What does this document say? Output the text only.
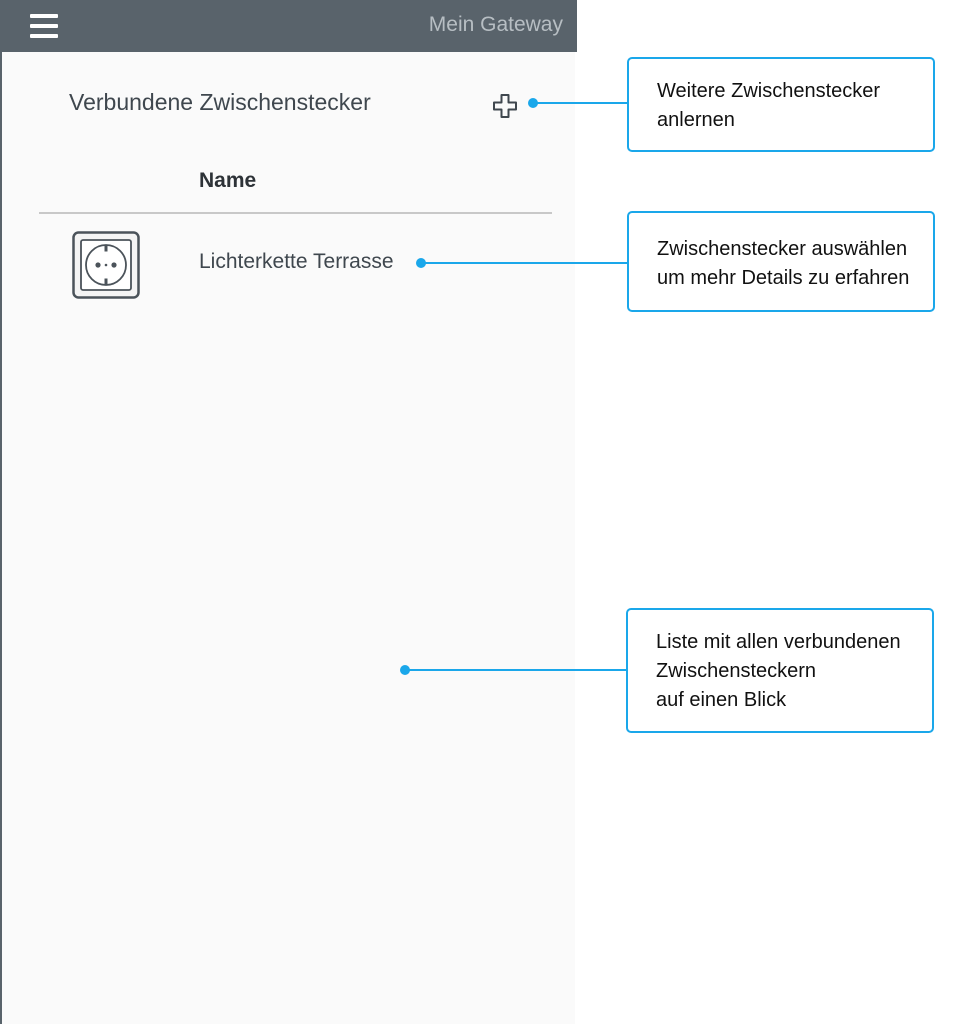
Mein Gateway
Verbundene Zwischenstecker
Name
Lichterkette Terrasse
Weitere Zwischenstecker
anlernen
Zwischenstecker auswählen
um mehr Details zu erfahren
Liste mit allen verbundenen
Zwischensteckern
auf einen Blick
